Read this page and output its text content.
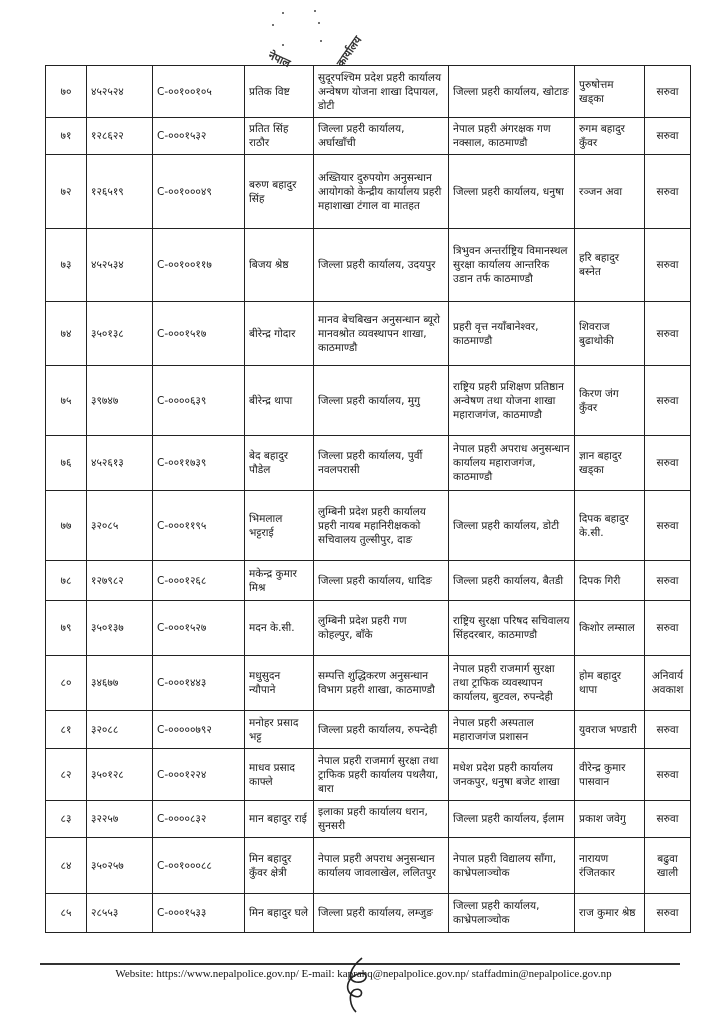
नेपाल	कार्यालय
७०	४५२५२४	C-००१००१०५	प्रतिक विष्ट	सुदूरपश्चिम प्रदेश प्रहरी कार्यालय अन्वेषण योजना शाखा दिपायल, डोटी	जिल्ला प्रहरी कार्यालय, खोटाङ	पुरुषोत्तम खड्का	सरुवा
७१	१२८६२२	C-०००१५३२	प्रतित सिंह राठौर	जिल्ला प्रहरी कार्यालय, अर्घाखाँची	नेपाल प्रहरी अंगरक्षक गण नक्साल, काठमाण्डौ	रुगम बहादुर कुँवर	सरुवा
७२	१२६५१९	C-००१०००४९	बरुण बहादुर सिंह	अख्तियार दुरुपयोग अनुसन्धान आयोगको केन्द्रीय कार्यालय प्रहरी महाशाखा टंगाल वा मातहत	जिल्ला प्रहरी कार्यालय, धनुषा	रञ्जन अवा	सरुवा
७३	४५२५३४	C-००१००११७	बिजय श्रेष्ठ	जिल्ला प्रहरी कार्यालय, उदयपुर	त्रिभुवन अन्तर्राष्ट्रिय विमानस्थल सुरक्षा कार्यालय आन्तरिक उडान तर्फ काठमाण्डौ	हरि बहादुर बस्नेत	सरुवा
७४	३५०१३८	C-०००१५१७	बीरेन्द्र गोदार	मानव बेचबिखन अनुसन्धान ब्यूरो मानवश्रोत व्यवस्थापन शाखा, काठमाण्डौ	प्रहरी वृत्त नयाँबानेश्वर, काठमाण्डौ	शिवराज बुढाथोकी	सरुवा
७५	३९७४७	C-००००६३९	बीरेन्द्र थापा	जिल्ला प्रहरी कार्यालय, मुगु	राष्ट्रिय प्रहरी प्रशिक्षण प्रतिष्ठान अन्वेषण तथा योजना शाखा महाराजगंज, काठमाण्डौ	किरण जंग कुँवर	सरुवा
७६	४५२६१३	C-००११७३९	बेद बहादुर पौडेल	जिल्ला प्रहरी कार्यालय, पुर्वी नवलपरासी	नेपाल प्रहरी अपराध अनुसन्धान कार्यालय महाराजगंज, काठमाण्डौ	ज्ञान बहादुर खड्का	सरुवा
७७	३२०८५	C-०००११९५	भिमलाल भट्टराई	लुम्बिनी प्रदेश प्रहरी कार्यालय प्रहरी नायब महानिरीक्षकको सचिवालय तुल्सीपुर, दाङ	जिल्ला प्रहरी कार्यालय, डोटी	दिपक बहादुर के.सी.	सरुवा
७८	१२७९८२	C-०००१२६८	मकेन्द्र कुमार मिश्र	जिल्ला प्रहरी कार्यालय, धादिङ	जिल्ला प्रहरी कार्यालय, बैतडी	दिपक गिरी	सरुवा
७९	३५०१३७	C-०००१५२७	मदन के.सी.	लुम्बिनी प्रदेश प्रहरी गण कोहल्पुर, बाँके	राष्ट्रिय सुरक्षा परिषद सचिवालय सिंहदरबार, काठमाण्डौ	किशोर लम्साल	सरुवा
८०	३४६७७	C-०००१४४३	मधुसुदन न्यौपाने	सम्पत्ति शुद्धिकरण अनुसन्धान विभाग प्रहरी शाखा, काठमाण्डौ	नेपाल प्रहरी राजमार्ग सुरक्षा तथा ट्राफिक व्यवस्थापन कार्यालय, बुटवल, रुपन्देही	होम बहादुर थापा	अनिवार्य अवकाश
८१	३२०८८	C-०००००७९२	मनोहर प्रसाद भट्ट	जिल्ला प्रहरी कार्यालय, रुपन्देही	नेपाल प्रहरी अस्पताल महाराजगंज प्रशासन	युवराज भण्डारी	सरुवा
८२	३५०१२८	C-०००१२२४	माधव प्रसाद काफ्ले	नेपाल प्रहरी राजमार्ग सुरक्षा तथा ट्राफिक प्रहरी कार्यालय पथलैया, बारा	मधेश प्रदेश प्रहरी कार्यालय जनकपुर, धनुषा बजेट शाखा	वीरेन्द्र कुमार पासवान	सरुवा
८३	३२२५७	C-००००८३२	मान बहादुर राई	इलाका प्रहरी कार्यालय धरान, सुनसरी	जिल्ला प्रहरी कार्यालय, ईलाम	प्रकाश जवेगु	सरुवा
८४	३५०२५७	C-००१०००८८	मिन बहादुर कुँवर क्षेत्री	नेपाल प्रहरी अपराध अनुसन्धान कार्यालय जावलाखेल, ललितपुर	नेपाल प्रहरी विद्यालय साँगा, काभ्रेपलाञ्चोक	नारायण रंजितकार	बढुवा खाली
८५	२८५५३	C-०००१५३३	मिन बहादुर घले	जिल्ला प्रहरी कार्यालय, लम्जुङ	जिल्ला प्रहरी कार्यालय, काभ्रेपलाञ्चोक	राज कुमार श्रेष्ठ	सरुवा
Website: https://www.nepalpolice.gov.np/ E-mail: kaprahq@nepalpolice.gov.np/ staffadmin@nepalpolice.gov.np
